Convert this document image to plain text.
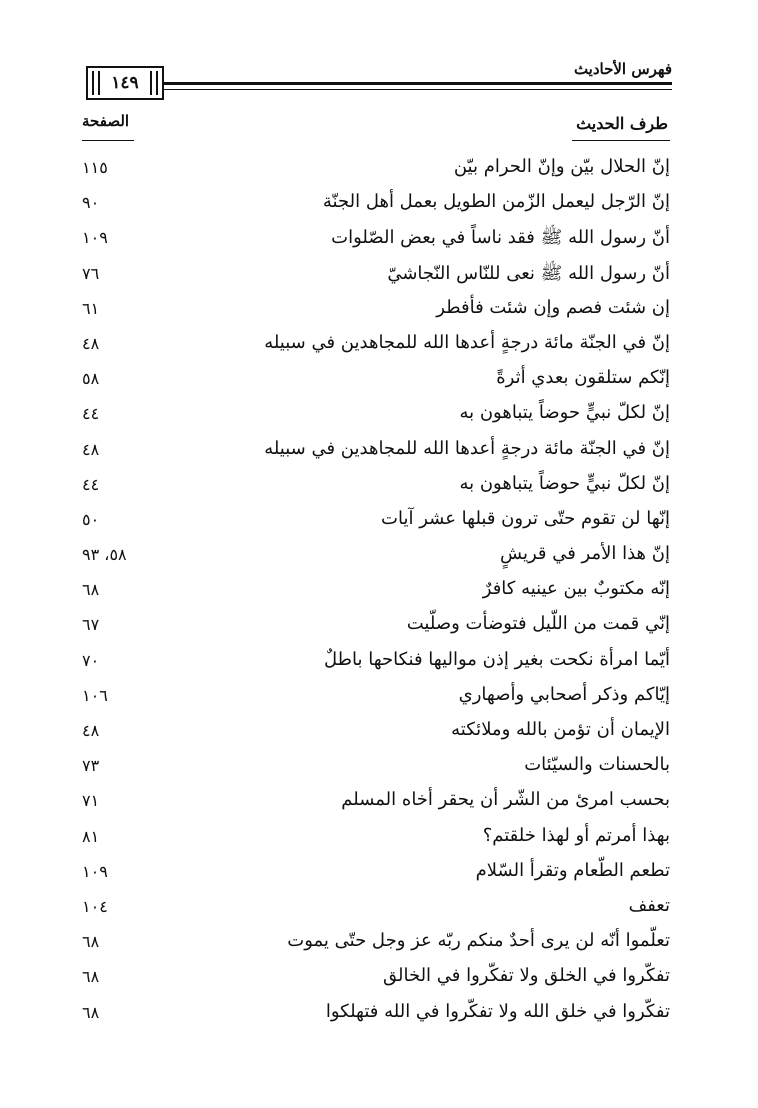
فهرس الأحاديث
١٤٩
طرف الحديث
الصفحة
إنّ الحلال بيّن وإنّ الحرام بيّن
١١٥
إنّ الرّجل ليعمل الزّمن الطويل بعمل أهل الجنّة
٩٠
أنّ رسول الله ﷺ فقد ناساً في بعض الصّلوات
١٠٩
أنّ رسول الله ﷺ نعى للنّاس النّجاشيّ
٧٦
إن شئت فصم وإن شئت فأفطر
٦١
إنّ في الجنّة مائة درجةٍ أعدها الله للمجاهدين في سبيله
٤٨
إنّكم ستلقون بعدي أثرةً
٥٨
إنّ لكلّ نبيٍّ حوضاً يتباهون به
٤٤
إنّ في الجنّة مائة درجةٍ أعدها الله للمجاهدين في سبيله
٤٨
إنّ لكلّ نبيٍّ حوضاً يتباهون به
٤٤
إنّها لن تقوم حتّى ترون قبلها عشر آيات
٥٠
إنّ هذا الأمر في قريشٍ
٥٨، ٩٣
إنّه مكتوبٌ بين عينيه كافرٌ
٦٨
إنّي قمت من اللّيل فتوضأت وصلّيت
٦٧
أيّما امرأة نكحت بغير إذن مواليها فنكاحها باطلٌ
٧٠
إيّاكم وذكر أصحابي وأصهاري
١٠٦
الإيمان أن تؤمن بالله وملائكته
٤٨
بالحسنات والسيّئات
٧٣
بحسب امرئ من الشّر أن يحقر أخاه المسلم
٧١
بهذا أمرتم أو لهذا خلقتم؟
٨١
تطعم الطّعام وتقرأ السّلام
١٠٩
تعفف
١٠٤
تعلّموا أنّه لن يرى أحدٌ منكم ربّه عز وجل حتّى يموت
٦٨
تفكّروا في الخلق ولا تفكّروا في الخالق
٦٨
تفكّروا في خلق الله ولا تفكّروا في الله فتهلكوا
٦٨
